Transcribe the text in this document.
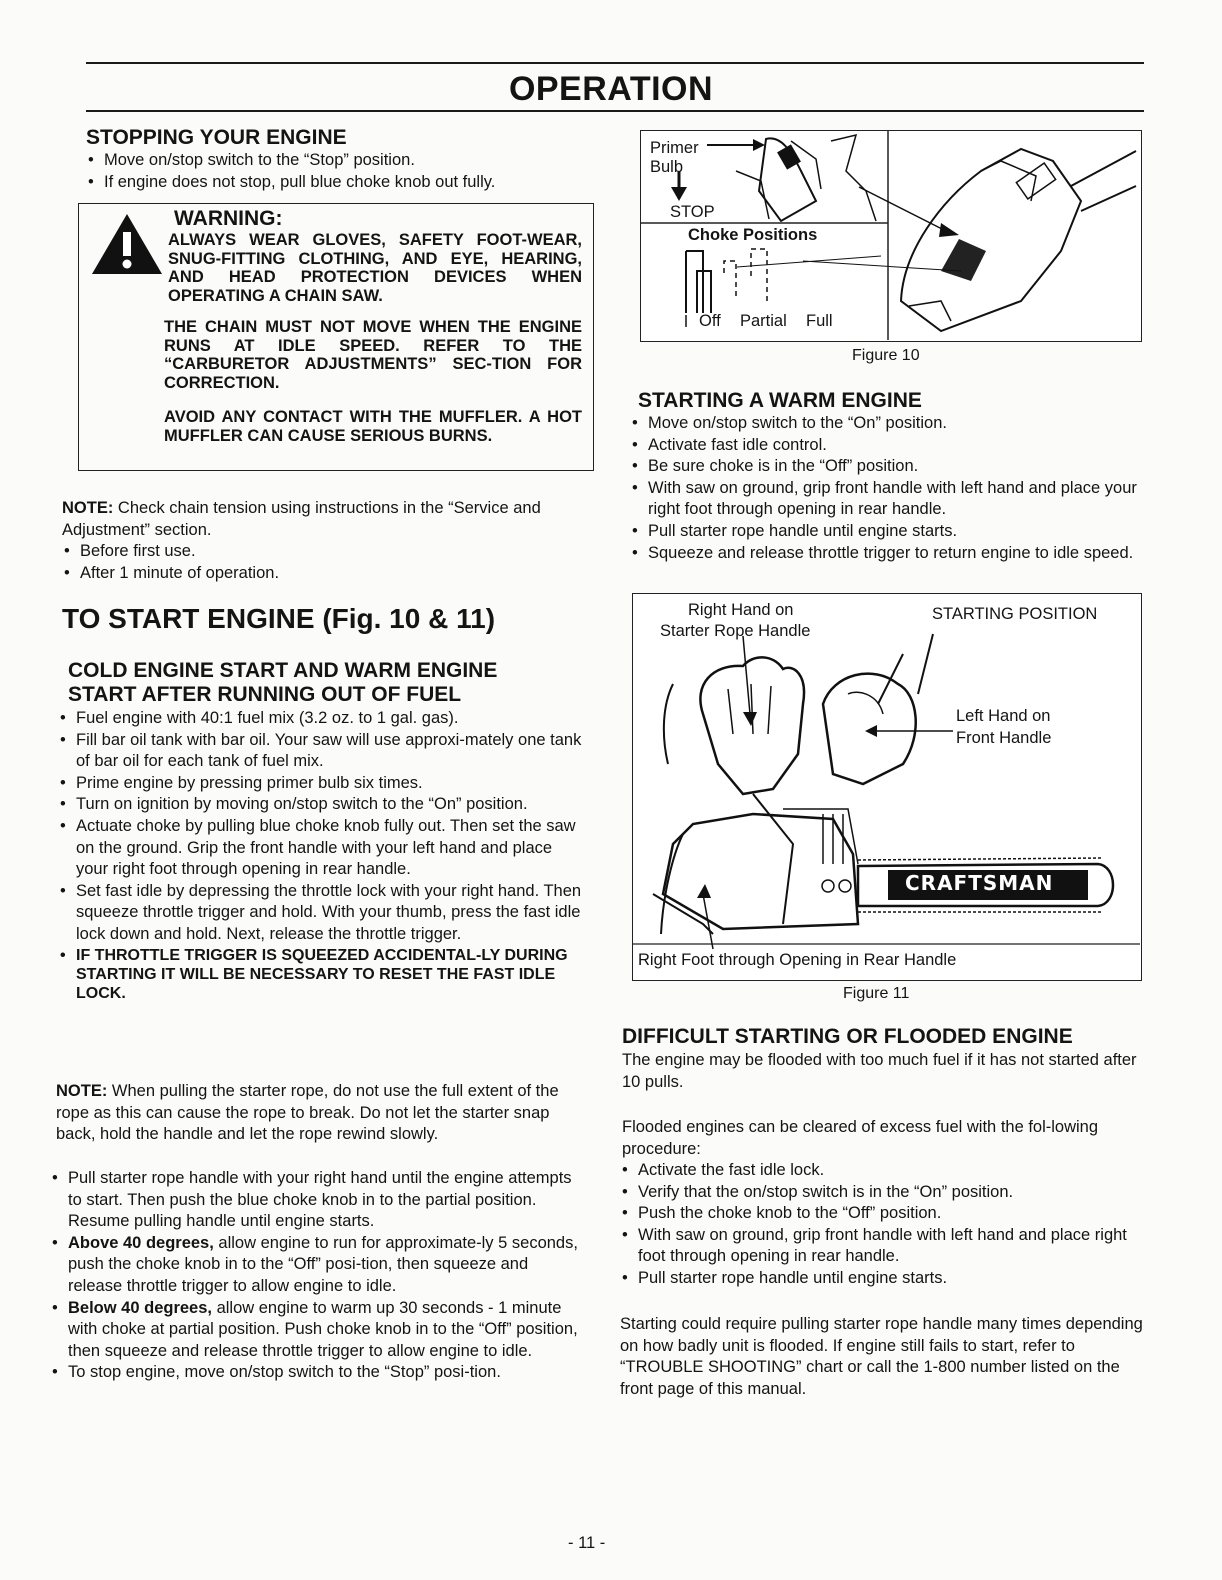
OPERATION
STOPPING YOUR ENGINE
• Move on/stop switch to the “Stop” position.
• If engine does not stop, pull blue choke knob out fully.

WARNING:

ALWAYS WEAR GLOVES, SAFETY FOOT-WEAR, SNUG-FITTING CLOTHING, AND EYE, HEARING, AND HEAD PROTECTION DEVICES WHEN OPERATING A CHAIN SAW.

THE CHAIN MUST NOT MOVE WHEN THE ENGINE RUNS AT IDLE SPEED. REFER TO THE “CARBURETOR ADJUSTMENTS” SEC-TION FOR CORRECTION.

AVOID ANY CONTACT WITH THE MUFFLER. A HOT MUFFLER CAN CAUSE SERIOUS BURNS.

NOTE: Check chain tension using instructions in the “Service and Adjustment” section.

• Before first use.
• After 1 minute of operation.
TO START ENGINE (Fig. 10 & 11)
COLD ENGINE START AND WARM ENGINE
START AFTER RUNNING OUT OF FUEL
• Fuel engine with 40:1 fuel mix (3.2 oz. to 1 gal. gas).
• Fill bar oil tank with bar oil. Your saw will use approxi-mately one tank of bar oil for each tank of fuel mix.
• Prime engine by pressing primer bulb six times.
• Turn on ignition by moving on/stop switch to the “On” position.
• Actuate choke by pulling blue choke knob fully out. Then set the saw on the ground. Grip the front handle with your left hand and place your right foot through opening in rear handle.
• Set fast idle by depressing the throttle lock with your right hand. Then squeeze throttle trigger and hold. With your thumb, press the fast idle lock down and hold. Next, release the throttle trigger.
• IF THROTTLE TRIGGER IS SQUEEZED ACCIDENTAL-LY DURING STARTING IT WILL BE NECESSARY TO RESET THE FAST IDLE LOCK.

NOTE: When pulling the starter rope, do not use the full extent of the rope as this can cause the rope to break. Do not let the starter snap back, hold the handle and let the rope rewind slowly.

• Pull starter rope handle with your right hand until the engine attempts to start. Then push the blue choke knob in to the partial position. Resume pulling handle until engine starts.
• Above 40 degrees, allow engine to run for approximate-ly 5 seconds, push the choke knob in to the “Off” posi-tion, then squeeze and release throttle trigger to allow engine to idle.
• Below 40 degrees, allow engine to warm up 30 seconds - 1 minute with choke at partial position. Push choke knob in to the “Off” position, then squeeze and release throttle trigger to allow engine to idle.
• To stop engine, move on/stop switch to the “Stop” posi-tion.

Primer

Bulb

STOP

Choke Positions

Off Partial Full

Figure 10

STARTING A WARM ENGINE
• Move on/stop switch to the “On” position.
• Activate fast idle control.
• Be sure choke is in the “Off” position.
• With saw on ground, grip front handle with left hand and place your right foot through opening in rear handle.
• Pull starter rope handle until engine starts.
• Squeeze and release throttle trigger to return engine to idle speed.

Right Hand on

Starter Rope Handle

STARTING POSITION

Left Hand on

Front Handle

CRAFTSMAN

Right Foot through Opening in Rear Handle

Figure 11

DIFFICULT STARTING OR FLOODED ENGINE

The engine may be flooded with too much fuel if it has not started after 10 pulls.

Flooded engines can be cleared of excess fuel with the fol-lowing procedure:

• Activate the fast idle lock.
• Verify that the on/stop switch is in the “On” position.
• Push the choke knob to the “Off” position.
• With saw on ground, grip front handle with left hand and place right foot through opening in rear handle.
• Pull starter rope handle until engine starts.

Starting could require pulling starter rope handle many times depending on how badly unit is flooded. If engine still fails to start, refer to “TROUBLE SHOOTING” chart or call the 1-800 number listed on the front page of this manual.

- 11 -
